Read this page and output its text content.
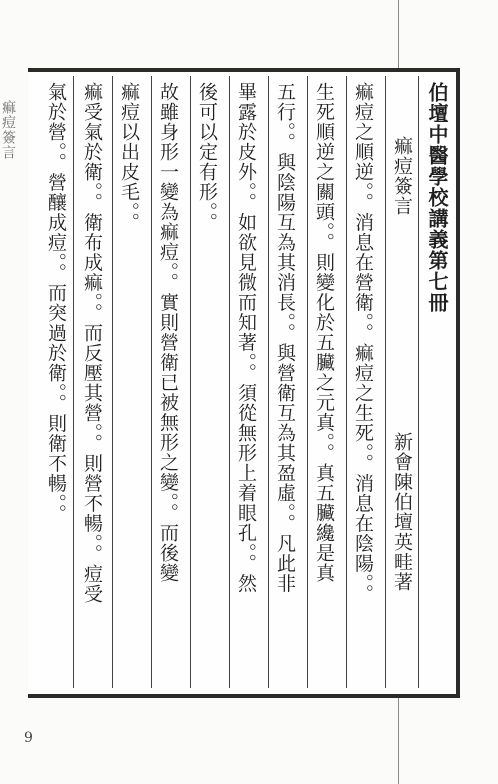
痲痘簽言	伯壇中醫學校講義第七冊
痲痘簽言
新會陳伯壇英畦著
痲痘之順逆。。消息在營衛。。痲痘之生死。。消息在陰陽。。
生死順逆之關頭。。則變化於五臟之元真。。真五臟纔是真
五行。。與陰陽互為其消長。。與營衛互為其盈虛。。凡此非
畢露於皮外。。如欲見微而知著。。須從無形上着眼孔。。然
後可以定有形。。
故雖身形一變為痲痘。。實則營衛已被無形之變。。而後變
痲痘以出皮毛。。
痲受氣於衛。。衛布成痲。。而反壓其營。。則營不暢。。痘受
氣於營。。營釀成痘。。而突過於衛。。則衛不暢。。
9
